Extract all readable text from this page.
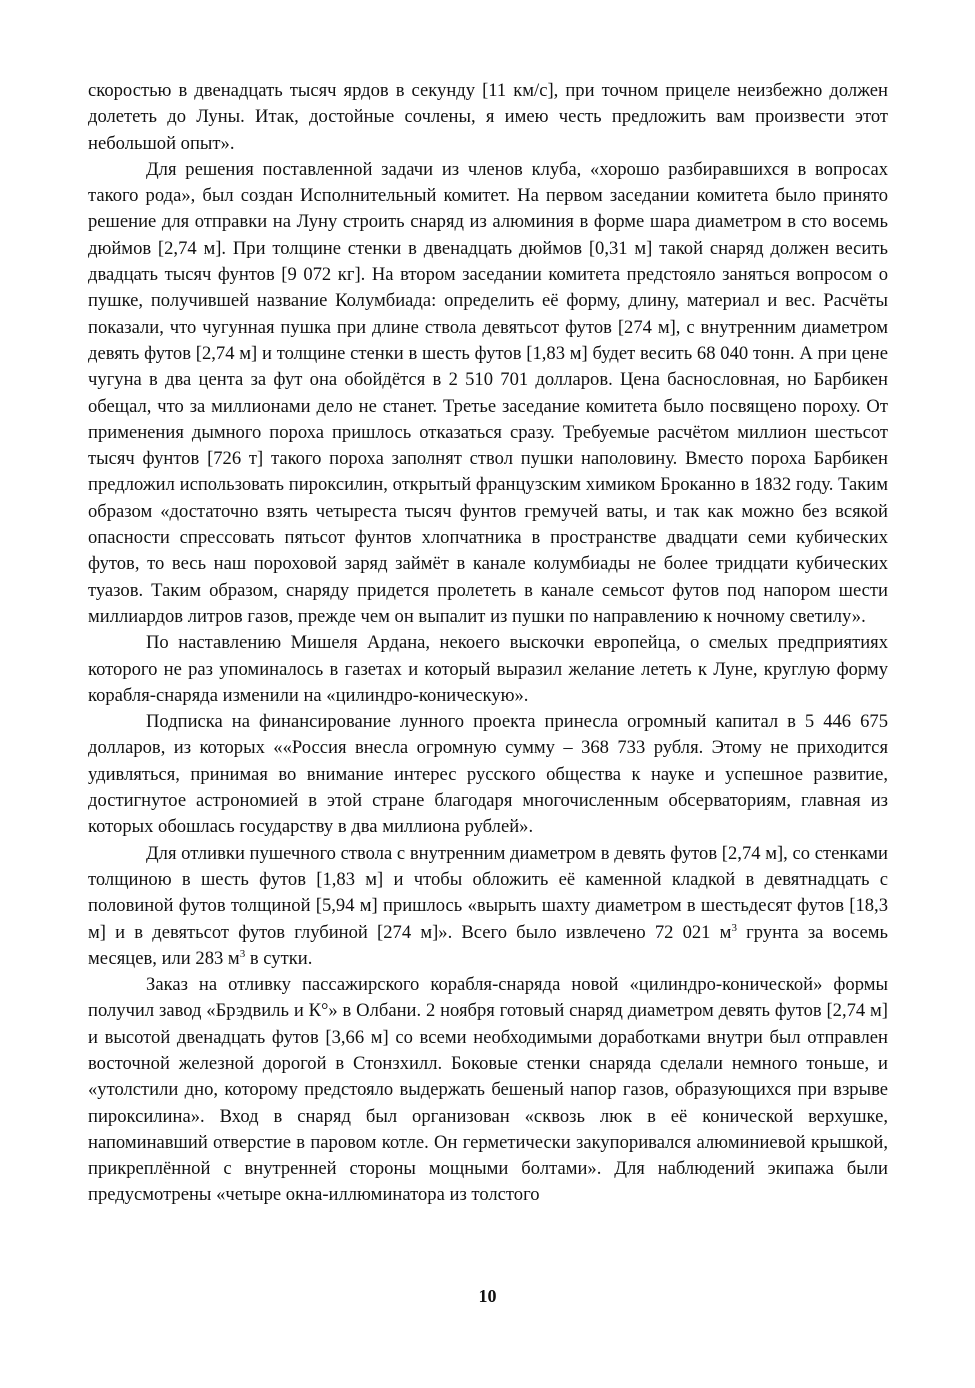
скоростью в двенадцать тысяч ярдов в секунду [11 км/с], при точном прицеле неизбежно должен долететь до Луны. Итак, достойные сочлены, я имею честь предложить вам произвести этот небольшой опыт».

Для решения поставленной задачи из членов клуба, «хорошо разбиравшихся в вопросах такого рода», был создан Исполнительный комитет. На первом заседании комитета было принято решение для отправки на Луну строить снаряд из алюминия в форме шара диаметром в сто восемь дюймов [2,74 м]. При толщине стенки в двенадцать дюймов [0,31 м] такой снаряд должен весить двадцать тысяч фунтов [9 072 кг]. На втором заседании комитета предстояло заняться вопросом о пушке, получившей название Колумбиада: определить её форму, длину, материал и вес. Расчёты показали, что чугунная пушка при длине ствола девятьсот футов [274 м], с внутренним диаметром девять футов [2,74 м] и толщине стенки в шесть футов [1,83 м] будет весить 68 040 тонн. А при цене чугуна в два цента за фут она обойдётся в 2 510 701 долларов. Цена баснословная, но Барбикен обещал, что за миллионами дело не станет. Третье заседание комитета было посвящено пороху. От применения дымного пороха пришлось отказаться сразу. Требуемые расчётом миллион шестьсот тысяч фунтов [726 т] такого пороха заполнят ствол пушки наполовину. Вместо пороха Барбикен предложил использовать пироксилин, открытый французским химиком Броканно в 1832 году. Таким образом «достаточно взять четыреста тысяч фунтов гремучей ваты, и так как можно без всякой опасности спрессовать пятьсот фунтов хлопчатника в пространстве двадцати семи кубических футов, то весь наш пороховой заряд займёт в канале колумбиады не более тридцати кубических туазов. Таким образом, снаряду придется пролететь в канале семьсот футов под напором шести миллиардов литров газов, прежде чем он выпалит из пушки по направлению к ночному светилу».

По наставлению Мишеля Ардана, некоего выскочки европейца, о смелых предприятиях которого не раз упоминалось в газетах и который выразил желание лететь к Луне, круглую форму корабля-снаряда изменили на «цилиндро-коническую».

Подписка на финансирование лунного проекта принесла огромный капитал в 5 446 675 долларов, из которых ««Россия внесла огромную сумму – 368 733 рубля. Этому не приходится удивляться, принимая во внимание интерес русского общества к науке и успешное развитие, достигнутое астрономией в этой стране благодаря многочисленным обсерваториям, главная из которых обошлась государству в два миллиона рублей».

Для отливки пушечного ствола с внутренним диаметром в девять футов [2,74 м], со стенками толщиною в шесть футов [1,83 м] и чтобы обложить её каменной кладкой в девятнадцать с половиной футов толщиной [5,94 м] пришлось «вырыть шахту диаметром в шестьдесят футов [18,3 м] и в девятьсот футов глубиной [274 м]». Всего было извлечено 72 021 $м^3$ грунта за восемь месяцев, или 283 $м^3$ в сутки.

Заказ на отливку пассажирского корабля-снаряда новой «цилиндро-конической» формы получил завод «Брэдвиль и К°» в Олбани. 2 ноября готовый снаряд диаметром девять футов [2,74 м] и высотой двенадцать футов [3,66 м] со всеми необходимыми доработками внутри был отправлен восточной железной дорогой в Стонзхилл. Боковые стенки снаряда сделали немного тоньше, и «утолстили дно, которому предстояло выдержать бешеный напор газов, образующихся при взрыве пироксилина». Вход в снаряд был организован «сквозь люк в её конической верхушке, напоминавший отверстие в паровом котле. Он герметически закупоривался алюминиевой крышкой, прикреплённой с внутренней стороны мощными болтами». Для наблюдений экипажа были предусмотрены «четыре окна-иллюминатора из толстого

10
